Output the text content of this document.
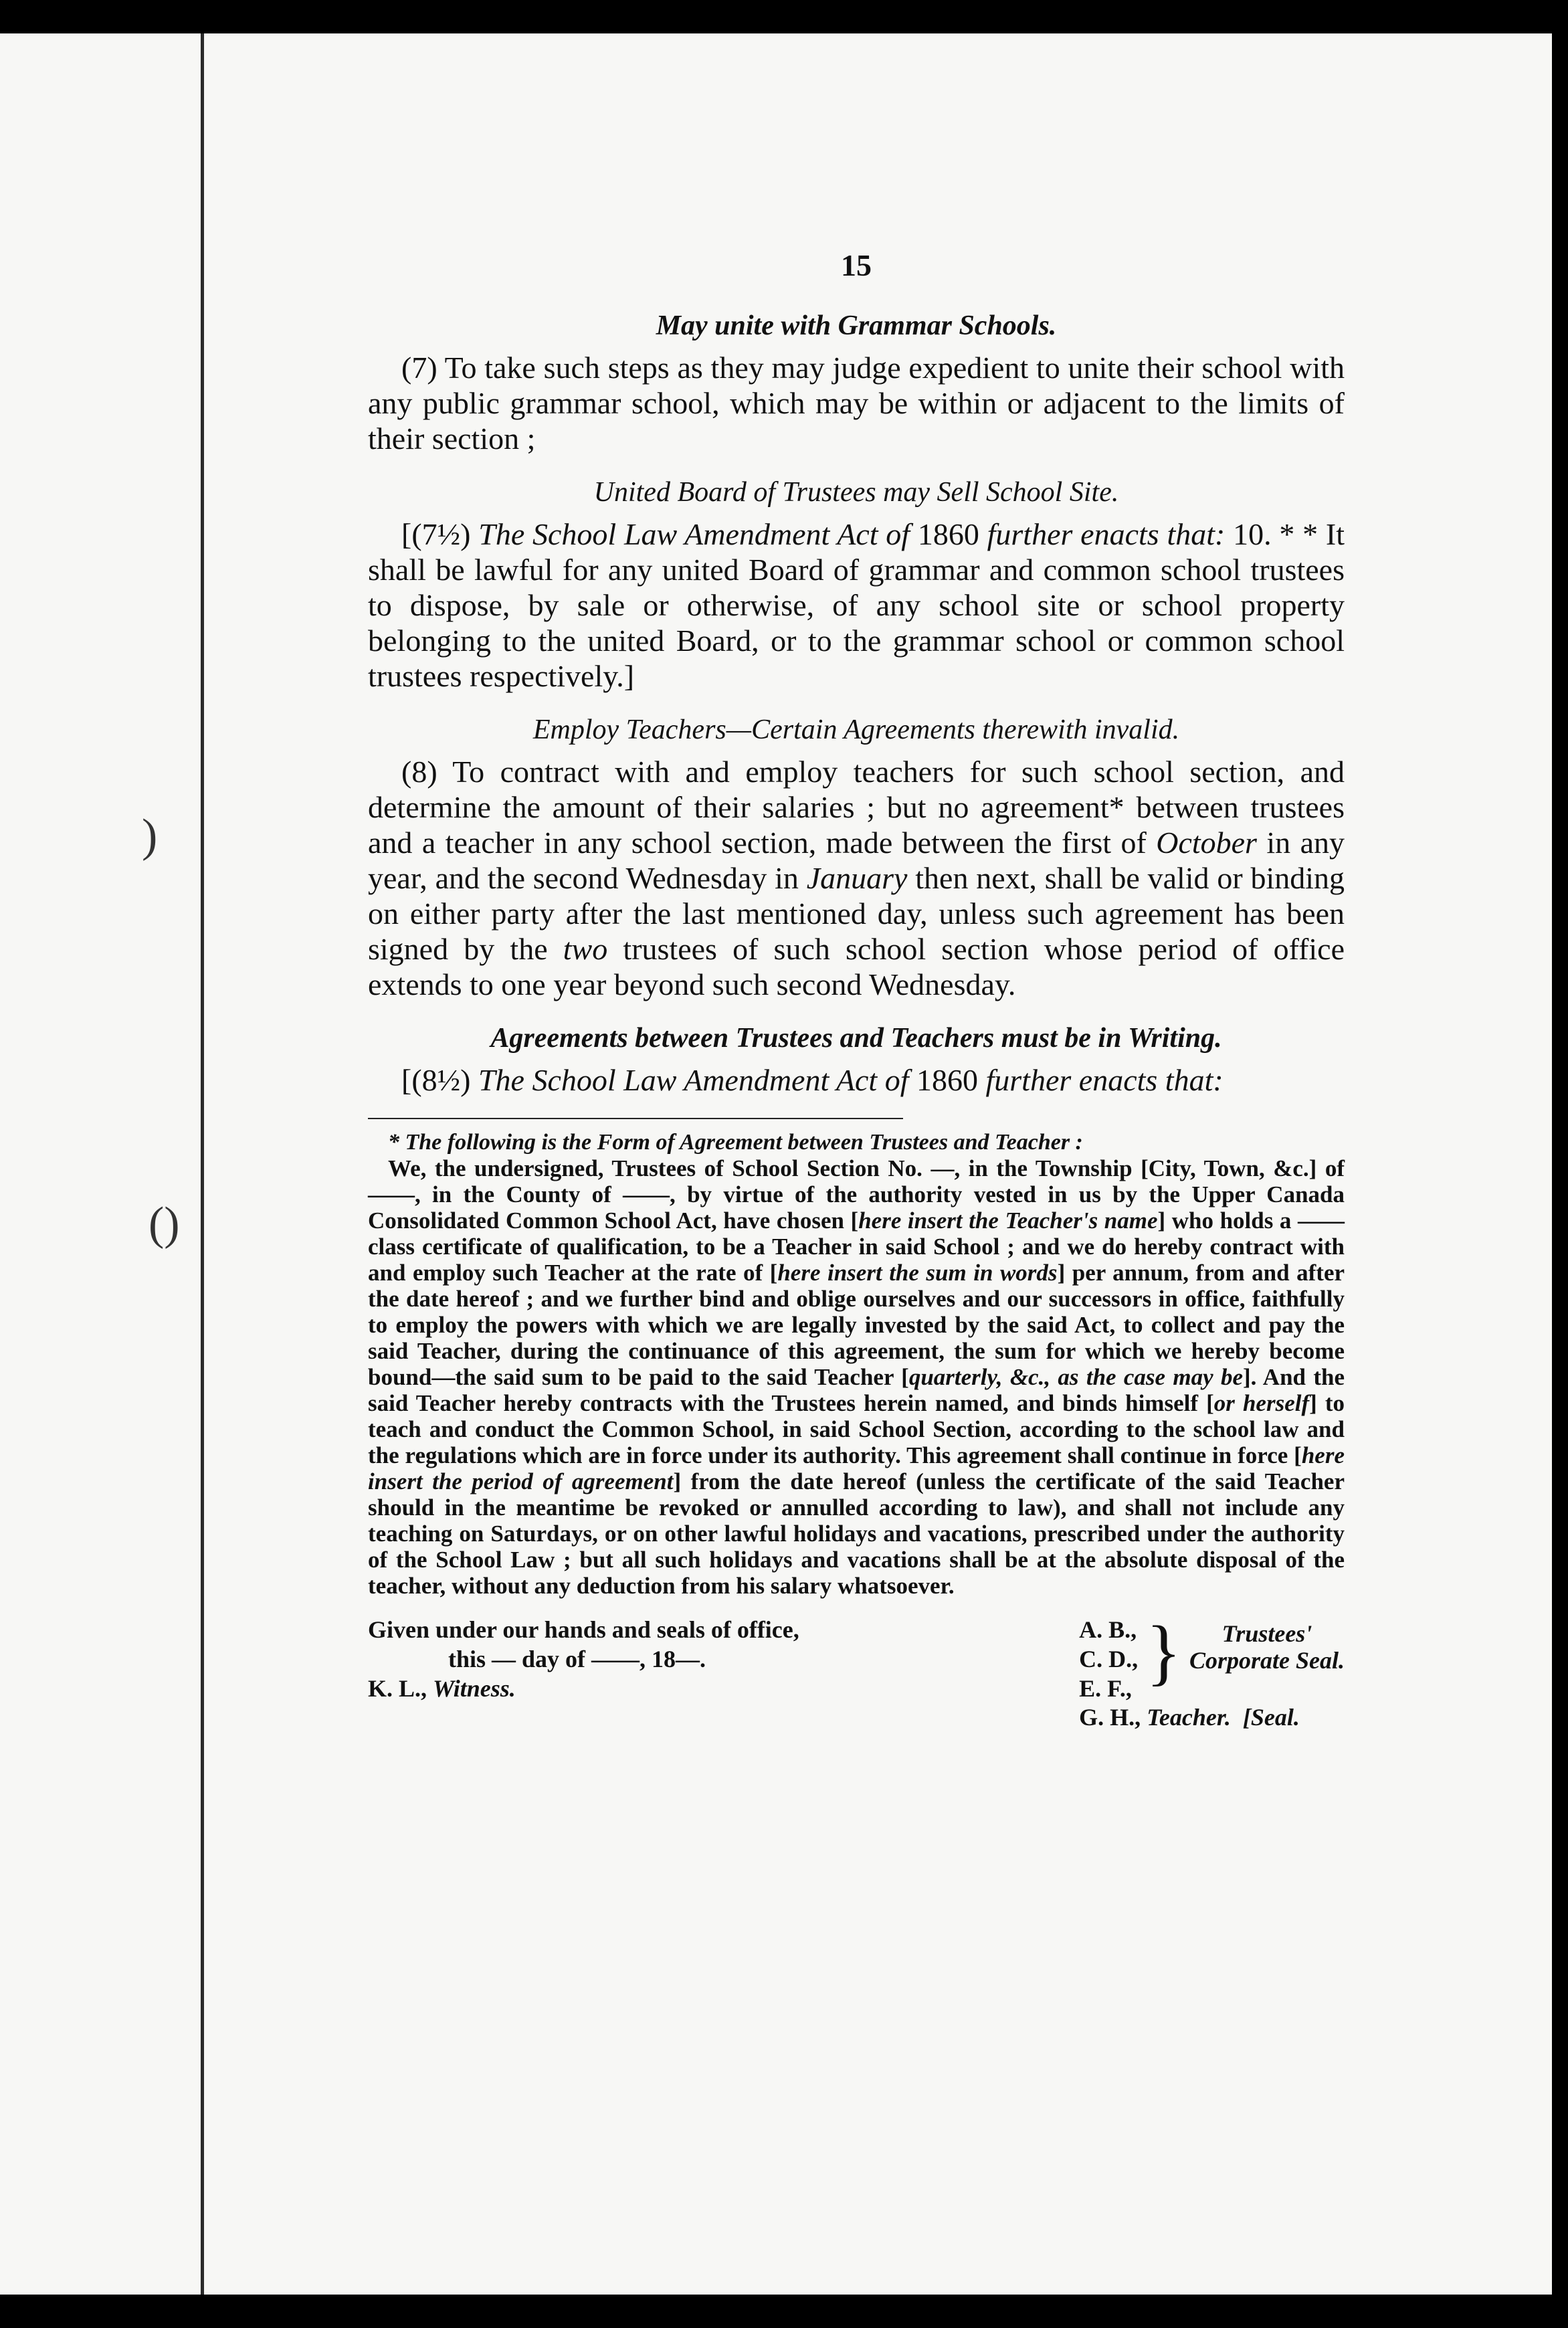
)
()
15
May unite with Grammar Schools.

(7) To take such steps as they may judge expedient to unite their school with any public grammar school, which may be within or adjacent to the limits of their section ;

United Board of Trustees may Sell School Site.

[(7½) The School Law Amendment Act of 1860 further enacts that: 10. * * It shall be lawful for any united Board of grammar and common school trustees to dispose, by sale or otherwise, of any school site or school property belonging to the united Board, or to the grammar school or common school trustees respectively.]

Employ Teachers—Certain Agreements therewith invalid.

(8) To contract with and employ teachers for such school section, and determine the amount of their salaries ; but no agreement* between trustees and a teacher in any school section, made between the first of October in any year, and the second Wednesday in January then next, shall be valid or binding on either party after the last mentioned day, unless such agreement has been signed by the two trustees of such school section whose period of office extends to one year beyond such second Wednesday.

Agreements between Trustees and Teachers must be in Writing.

[(8½) The School Law Amendment Act of 1860 further enacts that:

* The following is the Form of Agreement between Trustees and Teacher :

We, the undersigned, Trustees of School Section No. —, in the Township [City, Town, &c.] of ——, in the County of ——, by virtue of the authority vested in us by the Upper Canada Consolidated Common School Act, have chosen [here insert the Teacher's name] who holds a —— class certificate of qualification, to be a Teacher in said School ; and we do hereby contract with and employ such Teacher at the rate of [here insert the sum in words] per annum, from and after the date hereof ; and we further bind and oblige ourselves and our successors in office, faithfully to employ the powers with which we are legally invested by the said Act, to collect and pay the said Teacher, during the continuance of this agreement, the sum for which we hereby become bound—the said sum to be paid to the said Teacher [quarterly, &c., as the case may be]. And the said Teacher hereby contracts with the Trustees herein named, and binds himself [or herself] to teach and conduct the Common School, in said School Section, according to the school law and the regulations which are in force under its authority. This agreement shall continue in force [here insert the period of agreement] from the date hereof (unless the certificate of the said Teacher should in the meantime be revoked or annulled according to law), and shall not include any teaching on Saturdays, or on other lawful holidays and vacations, prescribed under the authority of the School Law ; but all such holidays and vacations shall be at the absolute disposal of the teacher, without any deduction from his salary whatsoever.

Given under our hands and seals of office,
this — day of ——, 18—.
K. L., Witness.
A. B.,
C. D.,
E. F., }	Trustees'
Corporate Seal.
G. H., Teacher. [Seal.
